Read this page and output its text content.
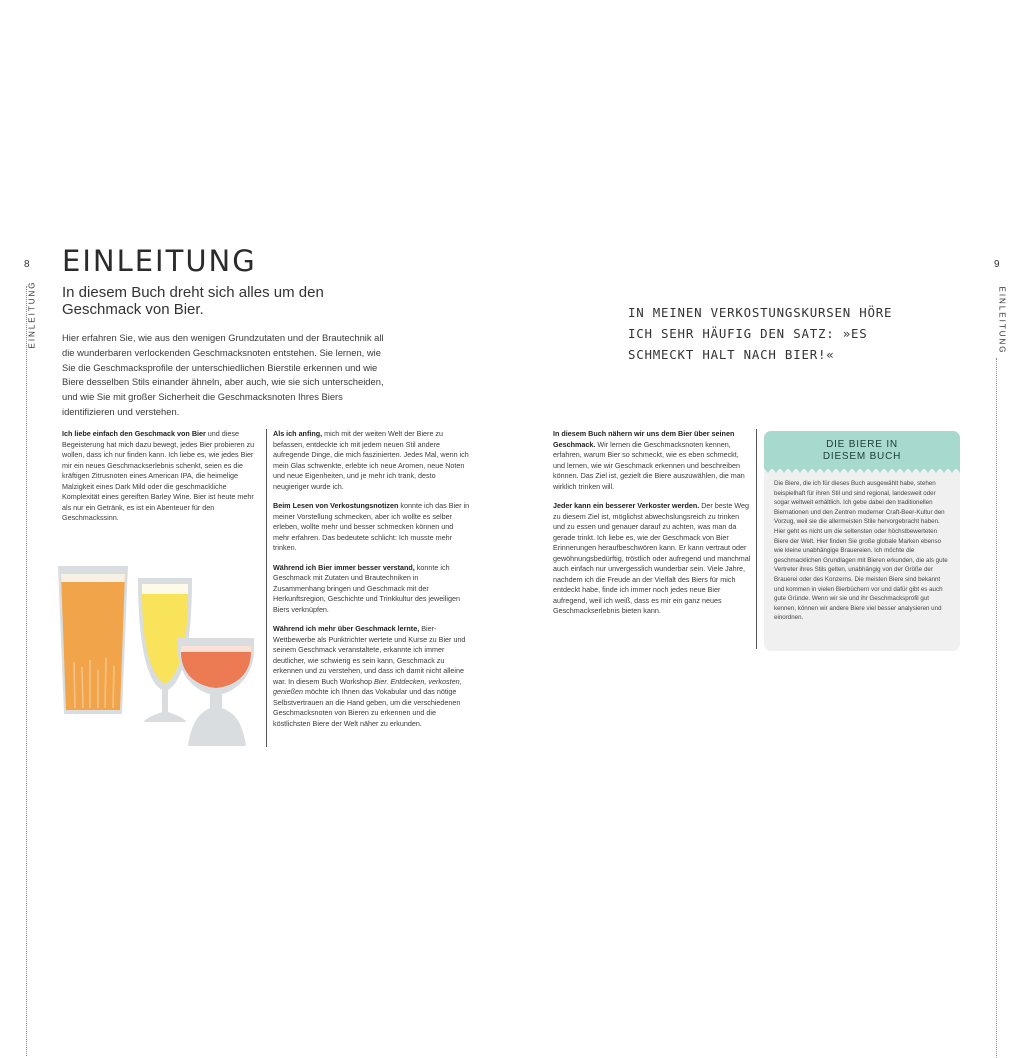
8
EINLEITUNG
EINLEITUNG
In diesem Buch dreht sich alles um den Geschmack von Bier.
Hier erfahren Sie, wie aus den wenigen Grundzutaten und der Brautechnik all die wunderbaren verlockenden Geschmacksnoten entstehen. Sie lernen, wie Sie die Geschmacksprofile der unterschiedlichen Bierstile erkennen und wie Biere desselben Stils einander ähneln, aber auch, wie sie sich unterscheiden, und wie Sie mit großer Sicherheit die Geschmacksnoten Ihres Biers identifizieren und verstehen.

Ich liebe einfach den Geschmack von Bier und diese Begeisterung hat mich dazu bewegt, jedes Bier probieren zu wollen, dass ich nur finden kann. Ich liebe es, wie jedes Bier mir ein neues Geschmackserlebnis schenkt, seien es die kräftigen Zitrusnoten eines American IPA, die heimelige Malzigkeit eines Dark Mild oder die geschmackliche Komplexität eines gereiften Barley Wine. Bier ist heute mehr als nur ein Getränk, es ist ein Abenteuer für den Geschmackssinn.

Als ich anfing, mich mit der weiten Welt der Biere zu befassen, entdeckte ich mit jedem neuen Stil andere aufregende Dinge, die mich faszinierten. Jedes Mal, wenn ich mein Glas schwenkte, erlebte ich neue Aromen, neue Noten und neue Eigenheiten, und je mehr ich trank, desto neugieriger wurde ich.

Beim Lesen von Verkostungsnotizen konnte ich das Bier in meiner Vorstellung schmecken, aber ich wollte es selber erleben, wollte mehr und besser schmecken können und mehr erfahren. Das bedeutete schlicht: Ich musste mehr trinken.

Während ich Bier immer besser verstand, konnte ich Geschmack mit Zutaten und Brautechniken in Zusammenhang bringen und Geschmack mit der Herkunftsregion, Geschichte und Trinkkultur des jeweiligen Biers verknüpfen.

Während ich mehr über Geschmack lernte, Bier-Wettbewerbe als Punktrichter wertete und Kurse zu Bier und seinem Geschmack veranstaltete, erkannte ich immer deutlicher, wie schwierig es sein kann, Geschmack zu erkennen und zu verstehen, und dass ich damit nicht alleine war. In diesem Buch Workshop Bier. Entdecken, verkosten, genießen möchte ich Ihnen das Vokabular und das nötige Selbstvertrauen an die Hand geben, um die verschiedenen Geschmacksnoten von Bieren zu erkennen und die köstlichsten Biere der Welt näher zu erkunden.

9
EINLEITUNG
IN MEINEN VERKOSTUNGSKURSEN HÖRE ICH SEHR HÄUFIG DEN SATZ: »ES SCHMECKT HALT NACH BIER!«

In diesem Buch nähern wir uns dem Bier über seinen Geschmack. Wir lernen die Geschmacksnoten kennen, erfahren, warum Bier so schmeckt, wie es eben schmeckt, und lernen, wie wir Geschmack erkennen und beschreiben können. Das Ziel ist, gezielt die Biere auszuwählen, die man wirklich trinken will.

Jeder kann ein besserer Verkoster werden. Der beste Weg zu diesem Ziel ist, möglichst abwechslungsreich zu trinken und zu essen und genauer darauf zu achten, was man da gerade trinkt. Ich liebe es, wie der Geschmack von Bier Erinnerungen heraufbeschwören kann. Er kann vertraut oder gewöhnungsbedürftig, tröstlich oder aufregend und manchmal auch einfach nur unvergesslich wunderbar sein. Viele Jahre, nachdem ich die Freude an der Vielfalt des Biers für mich entdeckt habe, finde ich immer noch jedes neue Bier aufregend, weil ich weiß, dass es mir ein ganz neues Geschmackserlebnis bieten kann.

DIE BIERE IN
DIESEM BUCH
Die Biere, die ich für dieses Buch ausgewählt habe, stehen beispielhaft für ihren Stil und sind regional, landesweit oder sogar weltweit erhältlich. Ich gebe dabei den traditionellen Biernationen und den Zentren moderner Craft-Beer-Kultur den Vorzug, weil sie die allermeisten Stile hervorgebracht haben. Hier geht es nicht um die seltensten oder höchstbewerteten Biere der Welt. Hier finden Sie große globale Marken ebenso wie kleine unabhängige Brauereien. Ich möchte die geschmacklichen Grundlagen mit Bieren erkunden, die als gute Vertreter ihres Stils gelten, unabhängig von der Größe der Brauerei oder des Konzerns. Die meisten Biere sind bekannt und kommen in vielen Bierbüchern vor und dafür gibt es auch gute Gründe. Wenn wir sie und ihr Geschmacksprofil gut kennen, können wir andere Biere viel besser analysieren und einordnen.
